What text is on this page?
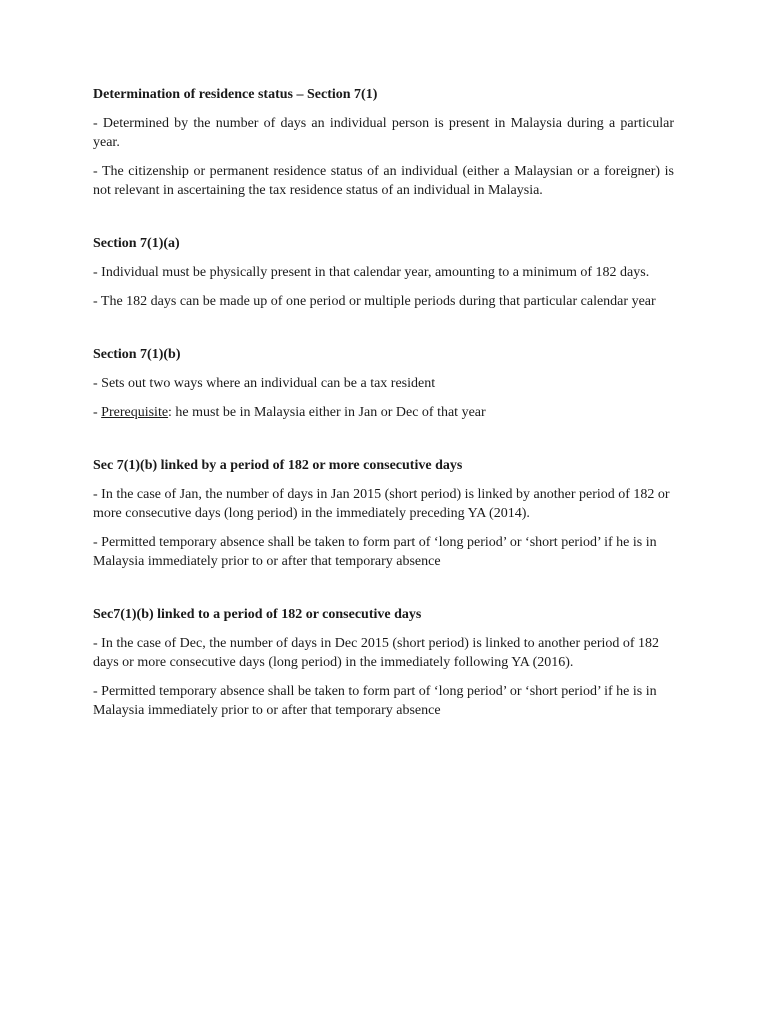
Determination of residence status – Section 7(1)
- Determined by the number of days an individual person is present in Malaysia during a particular year.
- The citizenship or permanent residence status of an individual (either a Malaysian or a foreigner) is not relevant in ascertaining the tax residence status of an individual in Malaysia.
Section 7(1)(a)
- Individual must be physically present in that calendar year, amounting to a minimum of 182 days.
- The 182 days can be made up of one period or multiple periods during that particular calendar year
Section 7(1)(b)
- Sets out two ways where an individual can be a tax resident
- Prerequisite: he must be in Malaysia either in Jan or Dec of that year
Sec 7(1)(b) linked by a period of 182 or more consecutive days
- In the case of Jan, the number of days in Jan 2015 (short period) is linked by another period of 182 or more consecutive days (long period) in the immediately preceding YA (2014).
- Permitted temporary absence shall be taken to form part of ‘long period’ or ‘short period’ if he is in Malaysia immediately prior to or after that temporary absence
Sec7(1)(b) linked to a period of 182 or consecutive days
- In the case of Dec, the number of days in Dec 2015 (short period) is linked to another period of 182 days or more consecutive days (long period) in the immediately following YA (2016).
- Permitted temporary absence shall be taken to form part of ‘long period’ or ‘short period’ if he is in Malaysia immediately prior to or after that temporary absence
